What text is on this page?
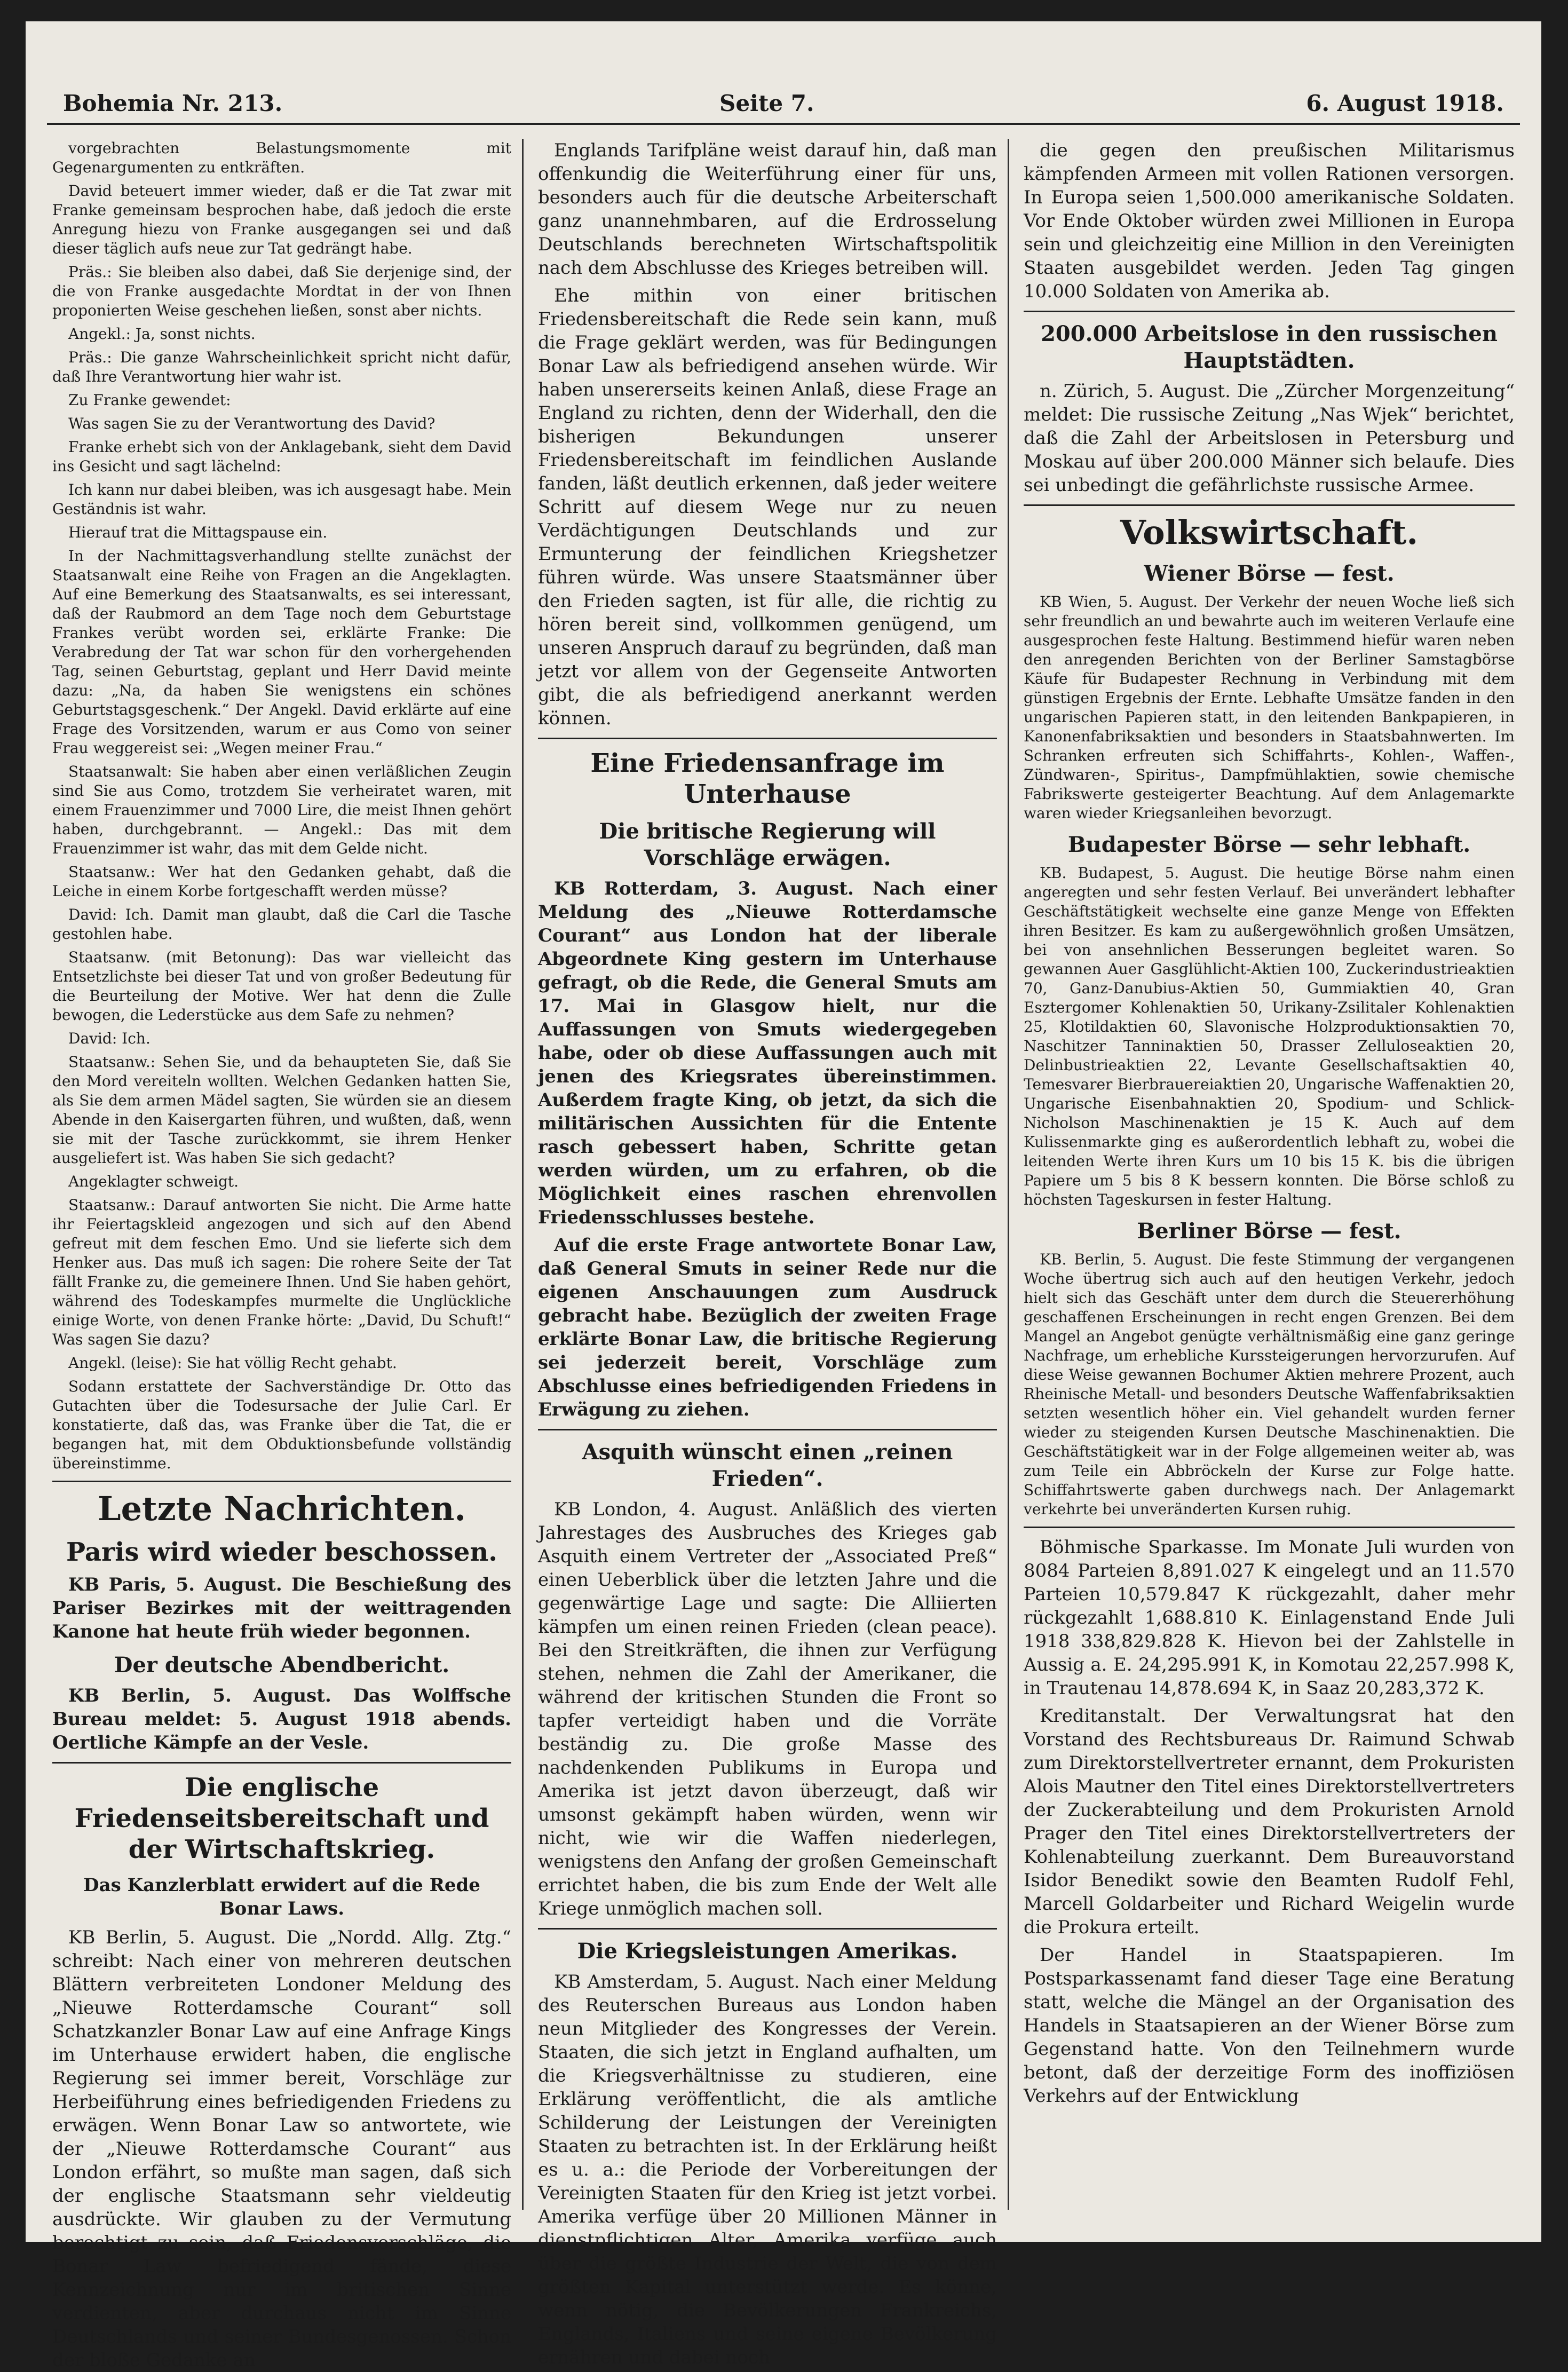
Bohemia Nr. 213.	Seite 7.	6. August 1918.

vorgebrachten Belastungsmomente mit Gegenargumenten zu entkräften.

David beteuert immer wieder, daß er die Tat zwar mit Franke gemeinsam besprochen habe, daß jedoch die erste Anregung hiezu von Franke ausgegangen sei und daß dieser täglich aufs neue zur Tat gedrängt habe.

Präs.: Sie bleiben also dabei, daß Sie derjenige sind, der die von Franke ausgedachte Mordtat in der von Ihnen proponierten Weise geschehen ließen, sonst aber nichts.

Angekl.: Ja, sonst nichts.

Präs.: Die ganze Wahrscheinlichkeit spricht nicht dafür, daß Ihre Verantwortung hier wahr ist.

Zu Franke gewendet:

Was sagen Sie zu der Verantwortung des David?

Franke erhebt sich von der Anklagebank, sieht dem David ins Gesicht und sagt lächelnd:

Ich kann nur dabei bleiben, was ich ausgesagt habe. Mein Geständnis ist wahr.

Hierauf trat die Mittagspause ein.

In der Nachmittagsverhandlung stellte zunächst der Staatsanwalt eine Reihe von Fragen an die Angeklagten. Auf eine Bemerkung des Staatsanwalts, es sei interessant, daß der Raubmord an dem Tage noch dem Geburtstage Frankes verübt worden sei, erklärte Franke: Die Verabredung der Tat war schon für den vorhergehenden Tag, seinen Geburtstag, geplant und Herr David meinte dazu: „Na, da haben Sie wenigstens ein schönes Geburtstagsgeschenk.“ Der Angekl. David erklärte auf eine Frage des Vorsitzenden, warum er aus Como von seiner Frau weggereist sei: „Wegen meiner Frau.“

Staatsanwalt: Sie haben aber einen verläßlichen Zeugin sind Sie aus Como, trotzdem Sie verheiratet waren, mit einem Frauenzimmer und 7000 Lire, die meist Ihnen gehört haben, durchgebrannt. — Angekl.: Das mit dem Frauenzimmer ist wahr, das mit dem Gelde nicht.

Staatsanw.: Wer hat den Gedanken gehabt, daß die Leiche in einem Korbe fortgeschafft werden müsse?

David: Ich. Damit man glaubt, daß die Carl die Tasche gestohlen habe.

Staatsanw. (mit Betonung): Das war vielleicht das Entsetzlichste bei dieser Tat und von großer Bedeutung für die Beurteilung der Motive. Wer hat denn die Zulle bewogen, die Lederstücke aus dem Safe zu nehmen?

David: Ich.

Staatsanw.: Sehen Sie, und da behaupteten Sie, daß Sie den Mord vereiteln wollten. Welchen Gedanken hatten Sie, als Sie dem armen Mädel sagten, Sie würden sie an diesem Abende in den Kaisergarten führen, und wußten, daß, wenn sie mit der Tasche zurückkommt, sie ihrem Henker ausgeliefert ist. Was haben Sie sich gedacht?

Angeklagter schweigt.

Staatsanw.: Darauf antworten Sie nicht. Die Arme hatte ihr Feiertagskleid angezogen und sich auf den Abend gefreut mit dem feschen Emo. Und sie lieferte sich dem Henker aus. Das muß ich sagen: Die rohere Seite der Tat fällt Franke zu, die gemeinere Ihnen. Und Sie haben gehört, während des Todeskampfes murmelte die Unglückliche einige Worte, von denen Franke hörte: „David, Du Schuft!“ Was sagen Sie dazu?

Angekl. (leise): Sie hat völlig Recht gehabt.

Sodann erstattete der Sachverständige Dr. Otto das Gutachten über die Todesursache der Julie Carl. Er konstatierte, daß das, was Franke über die Tat, die er begangen hat, mit dem Obduktionsbefunde vollständig übereinstimme.

Letzte Nachrichten.
Paris wird wieder beschossen.

KB Paris, 5. August. Die Beschießung des Pariser Bezirkes mit der weittragenden Kanone hat heute früh wieder begonnen.

Der deutsche Abendbericht.

KB Berlin, 5. August. Das Wolffsche Bureau meldet: 5. August 1918 abends. Oertliche Kämpfe an der Vesle.

Die englische Friedenseitsbereitschaft und der Wirtschaftskrieg.
Das Kanzlerblatt erwidert auf die Rede Bonar Laws.

KB Berlin, 5. August. Die „Nordd. Allg. Ztg.“ schreibt: Nach einer von mehreren deutschen Blättern verbreiteten Londoner Meldung des „Nieuwe Rotterdamsche Courant“ soll Schatzkanzler Bonar Law auf eine Anfrage Kings im Unterhause erwidert haben, die englische Regierung sei immer bereit, Vorschläge zur Herbeiführung eines befriedigenden Friedens zu erwägen. Wenn Bonar Law so antwortete, wie der „Nieuwe Rotterdamsche Courant“ aus London erfährt, so mußte man sagen, daß sich der englische Staatsmann sehr vieldeutig ausdrückte. Wir glauben zu der Vermutung berechtigt zu sein, daß Friedensvorschläge, die Bonar Law befriedigend fände, diese Kennzeichnung nur im britischen Sinne verdienten, aber durchaus nicht im Sinne Deutschlands und seiner Bundesgenossen. Schon der bloße Gedanke an

Englands Tarifpläne weist darauf hin, daß man offenkundig die Weiterführung einer für uns, besonders auch für die deutsche Arbeiterschaft ganz unannehmbaren, auf die Erdrosselung Deutschlands berechneten Wirtschaftspolitik nach dem Abschlusse des Krieges betreiben will.

Ehe mithin von einer britischen Friedensbereitschaft die Rede sein kann, muß die Frage geklärt werden, was für Bedingungen Bonar Law als befriedigend ansehen würde. Wir haben unsererseits keinen Anlaß, diese Frage an England zu richten, denn der Widerhall, den die bisherigen Bekundungen unserer Friedensbereitschaft im feindlichen Auslande fanden, läßt deutlich erkennen, daß jeder weitere Schritt auf diesem Wege nur zu neuen Verdächtigungen Deutschlands und zur Ermunterung der feindlichen Kriegshetzer führen würde. Was unsere Staatsmänner über den Frieden sagten, ist für alle, die richtig zu hören bereit sind, vollkommen genügend, um unseren Anspruch darauf zu begründen, daß man jetzt vor allem von der Gegenseite Antworten gibt, die als befriedigend anerkannt werden können.

Eine Friedensanfrage im Unterhause
Die britische Regierung will Vorschläge erwägen.

KB Rotterdam, 3. August. Nach einer Meldung des „Nieuwe Rotterdamsche Courant“ aus London hat der liberale Abgeordnete King gestern im Unterhause gefragt, ob die Rede, die General Smuts am 17. Mai in Glasgow hielt, nur die Auffassungen von Smuts wiedergegeben habe, oder ob diese Auffassungen auch mit jenen des Kriegsrates übereinstimmen. Außerdem fragte King, ob jetzt, da sich die militärischen Aussichten für die Entente rasch gebessert haben, Schritte getan werden würden, um zu erfahren, ob die Möglichkeit eines raschen ehrenvollen Friedensschlusses bestehe.

Auf die erste Frage antwortete Bonar Law, daß General Smuts in seiner Rede nur die eigenen Anschauungen zum Ausdruck gebracht habe. Bezüglich der zweiten Frage erklärte Bonar Law, die britische Regierung sei jederzeit bereit, Vorschläge zum Abschlusse eines befriedigenden Friedens in Erwägung zu ziehen.

Asquith wünscht einen „reinen Frieden“.

KB London, 4. August. Anläßlich des vierten Jahrestages des Ausbruches des Krieges gab Asquith einem Vertreter der „Associated Preß“ einen Ueberblick über die letzten Jahre und die gegenwärtige Lage und sagte: Die Alliierten kämpfen um einen reinen Frieden (clean peace). Bei den Streitkräften, die ihnen zur Verfügung stehen, nehmen die Zahl der Amerikaner, die während der kritischen Stunden die Front so tapfer verteidigt haben und die Vorräte beständig zu. Die große Masse des nachdenkenden Publikums in Europa und Amerika ist jetzt davon überzeugt, daß wir umsonst gekämpft haben würden, wenn wir nicht, wie wir die Waffen niederlegen, wenigstens den Anfang der großen Gemeinschaft errichtet haben, die bis zum Ende der Welt alle Kriege unmöglich machen soll.

Die Kriegsleistungen Amerikas.

KB Amsterdam, 5. August. Nach einer Meldung des Reuterschen Bureaus aus London haben neun Mitglieder des Kongresses der Verein. Staaten, die sich jetzt in England aufhalten, um die Kriegsverhältnisse zu studieren, eine Erklärung veröffentlicht, die als amtliche Schilderung der Leistungen der Vereinigten Staaten zu betrachten ist. In der Erklärung heißt es u. a.: die Periode der Vorbereitungen der Vereinigten Staaten für den Krieg ist jetzt vorbei. Amerika verfüge über 20 Millionen Männer in dienstpflichtigen Alter, Amerika verfüge auch über die größte Industrie der Welt, die von dem größten Kapital unterstützt werde. Es könne, wenn nötig, die Bevölkerungen Frankreichs, Englands, Italiens und seine eigene Bevölkerung ernähren und dabei noch

die gegen den preußischen Militarismus kämpfenden Armeen mit vollen Rationen versorgen. In Europa seien 1,500.000 amerikanische Soldaten. Vor Ende Oktober würden zwei Millionen in Europa sein und gleichzeitig eine Million in den Vereinigten Staaten ausgebildet werden. Jeden Tag gingen 10.000 Soldaten von Amerika ab.

200.000 Arbeitslose in den russischen Hauptstädten.

n. Zürich, 5. August. Die „Zürcher Morgenzeitung“ meldet: Die russische Zeitung „Nas Wjek“ berichtet, daß die Zahl der Arbeitslosen in Petersburg und Moskau auf über 200.000 Männer sich belaufe. Dies sei unbedingt die gefährlichste russische Armee.

Volkswirtschaft.
Wiener Börse — fest.

KB Wien, 5. August. Der Verkehr der neuen Woche ließ sich sehr freundlich an und bewahrte auch im weiteren Verlaufe eine ausgesprochen feste Haltung. Bestimmend hiefür waren neben den anregenden Berichten von der Berliner Samstagbörse Käufe für Budapester Rechnung in Verbindung mit dem günstigen Ergebnis der Ernte. Lebhafte Umsätze fanden in den ungarischen Papieren statt, in den leitenden Bankpapieren, in Kanonenfabriksaktien und besonders in Staatsbahnwerten. Im Schranken erfreuten sich Schiffahrts-, Kohlen-, Waffen-, Zündwaren-, Spiritus-, Dampfmühlaktien, sowie chemische Fabrikswerte gesteigerter Beachtung. Auf dem Anlagemarkte waren wieder Kriegsanleihen bevorzugt.

Budapester Börse — sehr lebhaft.

KB. Budapest, 5. August. Die heutige Börse nahm einen angeregten und sehr festen Verlauf. Bei unverändert lebhafter Geschäftstätigkeit wechselte eine ganze Menge von Effekten ihren Besitzer. Es kam zu außergewöhnlich großen Umsätzen, bei von ansehnlichen Besserungen begleitet waren. So gewannen Auer Gasglühlicht-Aktien 100, Zuckerindustrieaktien 70, Ganz-Danubius-Aktien 50, Gummiaktien 40, Gran Esztergomer Kohlenaktien 50, Urikany-Zsilitaler Kohlenaktien 25, Klotildaktien 60, Slavonische Holzproduktionsaktien 70, Naschitzer Tanninaktien 50, Drasser Zelluloseaktien 20, Delinbustrieaktien 22, Levante Gesellschaftsaktien 40, Temesvarer Bierbrauereiaktien 20, Ungarische Waffenaktien 20, Ungarische Eisenbahnaktien 20, Spodium- und Schlick-Nicholson Maschinenaktien je 15 K. Auch auf dem Kulissenmarkte ging es außerordentlich lebhaft zu, wobei die leitenden Werte ihren Kurs um 10 bis 15 K. bis die übrigen Papiere um 5 bis 8 K bessern konnten. Die Börse schloß zu höchsten Tageskursen in fester Haltung.

Berliner Börse — fest.

KB. Berlin, 5. August. Die feste Stimmung der vergangenen Woche übertrug sich auch auf den heutigen Verkehr, jedoch hielt sich das Geschäft unter dem durch die Steuererhöhung geschaffenen Erscheinungen in recht engen Grenzen. Bei dem Mangel an Angebot genügte verhältnismäßig eine ganz geringe Nachfrage, um erhebliche Kurssteigerungen hervorzurufen. Auf diese Weise gewannen Bochumer Aktien mehrere Prozent, auch Rheinische Metall- und besonders Deutsche Waffenfabriksaktien setzten wesentlich höher ein. Viel gehandelt wurden ferner wieder zu steigenden Kursen Deutsche Maschinenaktien. Die Geschäftstätigkeit war in der Folge allgemeinen weiter ab, was zum Teile ein Abbröckeln der Kurse zur Folge hatte. Schiffahrtswerte gaben durchwegs nach. Der Anlagemarkt verkehrte bei unveränderten Kursen ruhig.

Böhmische Sparkasse. Im Monate Juli wurden von 8084 Parteien 8,891.027 K eingelegt und an 11.570 Parteien 10,579.847 K rückgezahlt, daher mehr rückgezahlt 1,688.810 K. Einlagenstand Ende Juli 1918 338,829.828 K. Hievon bei der Zahlstelle in Aussig a. E. 24,295.991 K, in Komotau 22,257.998 K, in Trautenau 14,878.694 K, in Saaz 20,283,372 K.

Kreditanstalt. Der Verwaltungsrat hat den Vorstand des Rechtsbureaus Dr. Raimund Schwab zum Direktorstellvertreter ernannt, dem Prokuristen Alois Mautner den Titel eines Direktorstellvertreters der Zuckerabteilung und dem Prokuristen Arnold Prager den Titel eines Direktorstellvertreters der Kohlenabteilung zuerkannt. Dem Bureauvorstand Isidor Benedikt sowie den Beamten Rudolf Fehl, Marcell Goldarbeiter und Richard Weigelin wurde die Prokura erteilt.

Der Handel in Staatspapieren. Im Postsparkassenamt fand dieser Tage eine Beratung statt, welche die Mängel an der Organisation des Handels in Staatsapieren an der Wiener Börse zum Gegenstand hatte. Von den Teilnehmern wurde betont, daß der derzeitige Form des inoffiziösen Verkehrs auf der Entwicklung
